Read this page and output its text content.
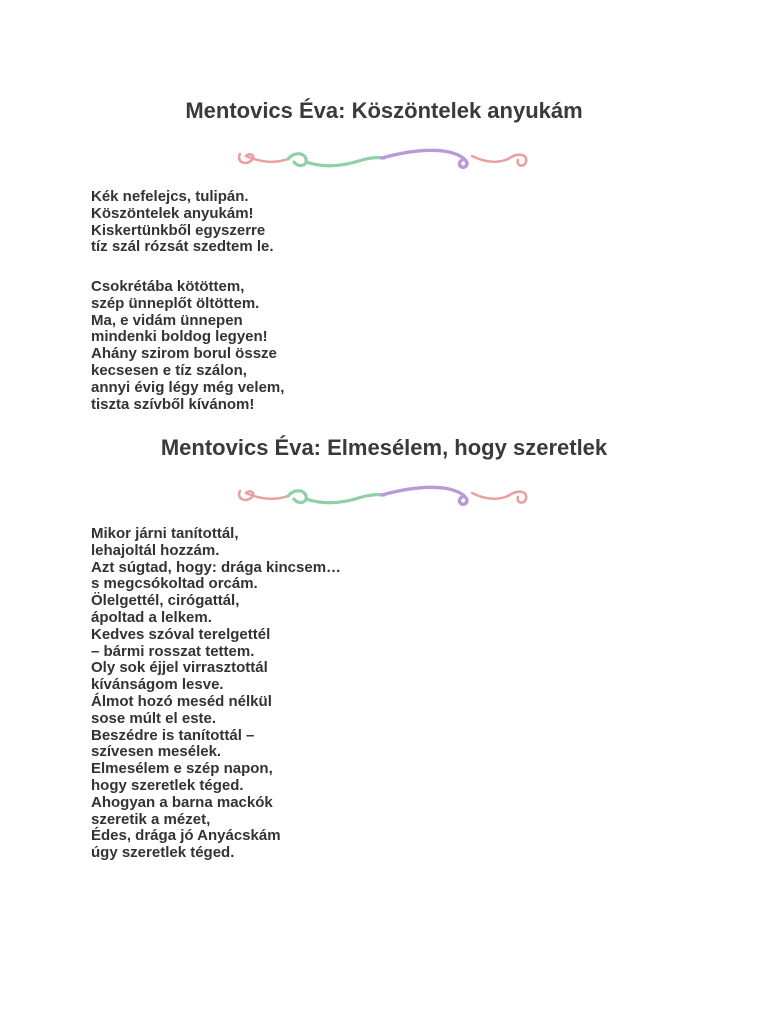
Mentovics Éva: Köszöntelek anyukám
Kék nefelejcs, tulipán.
Köszöntelek anyukám!
Kiskertünkből egyszerre
tíz szál rózsát szedtem le.
Csokrétába kötöttem,
szép ünneplőt öltöttem.
Ma, e vidám ünnepen
mindenki boldog legyen!
Ahány szirom borul össze
kecsesen e tíz szálon,
annyi évig légy még velem,
tiszta szívből kívánom!
Mentovics Éva: Elmesélem, hogy szeretlek
Mikor járni tanítottál,
lehajoltál hozzám.
Azt súgtad, hogy: drága kincsem…
s megcsókoltad orcám.
Ölelgettél, cirógattál,
ápoltad a lelkem.
Kedves szóval terelgettél
– bármi rosszat tettem.
Oly sok éjjel virrasztottál
kívánságom lesve.
Álmot hozó meséd nélkül
sose múlt el este.
Beszédre is tanítottál –
szívesen mesélek.
Elmesélem e szép napon,
hogy szeretlek téged.
Ahogyan a barna mackók
szeretik a mézet,
Édes, drága jó Anyácskám
úgy szeretlek téged.
